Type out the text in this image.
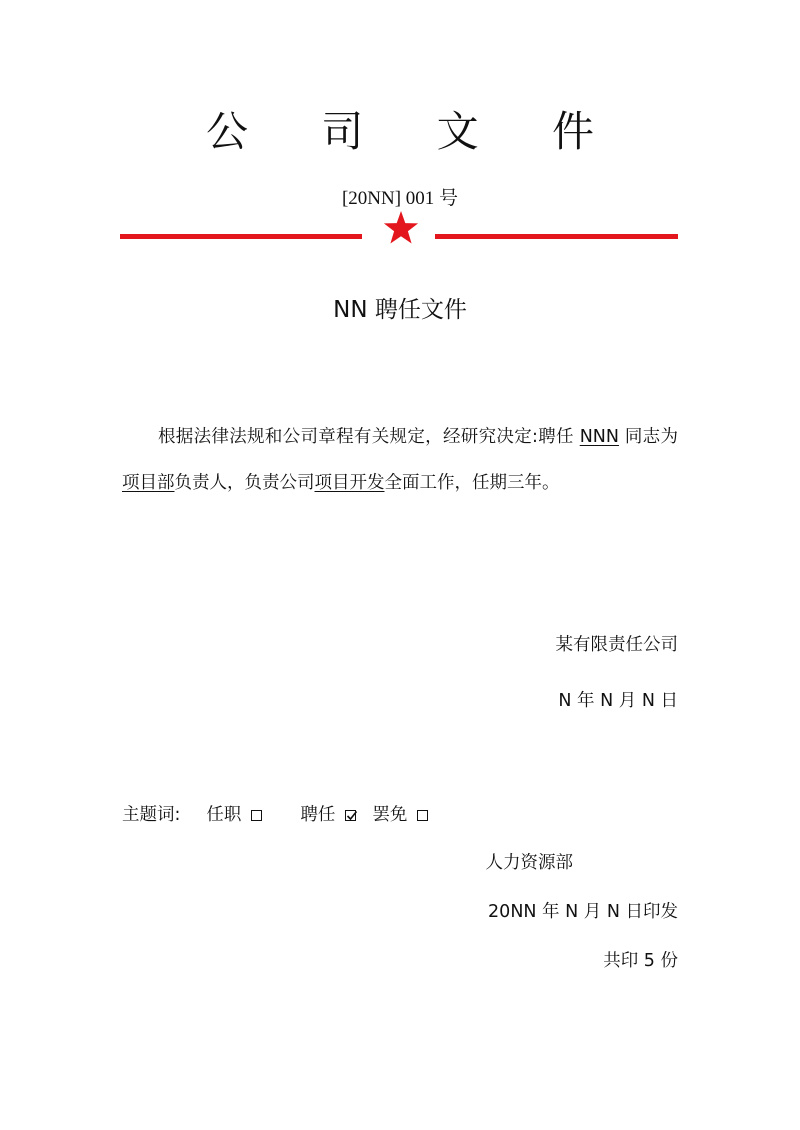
公 司 文 件
[20NN] 001 号
NN 聘任文件
根据法律法规和公司章程有关规定，经研究决定:聘任 NNN 同志为项目部负责人，负责公司项目开发全面工作，任期三年。
某有限责任公司
N 年 N 月 N 日
主题词: 任职	聘任

罢免
人力资源部
20NN 年 N 月 N 日印发
共印 5 份
